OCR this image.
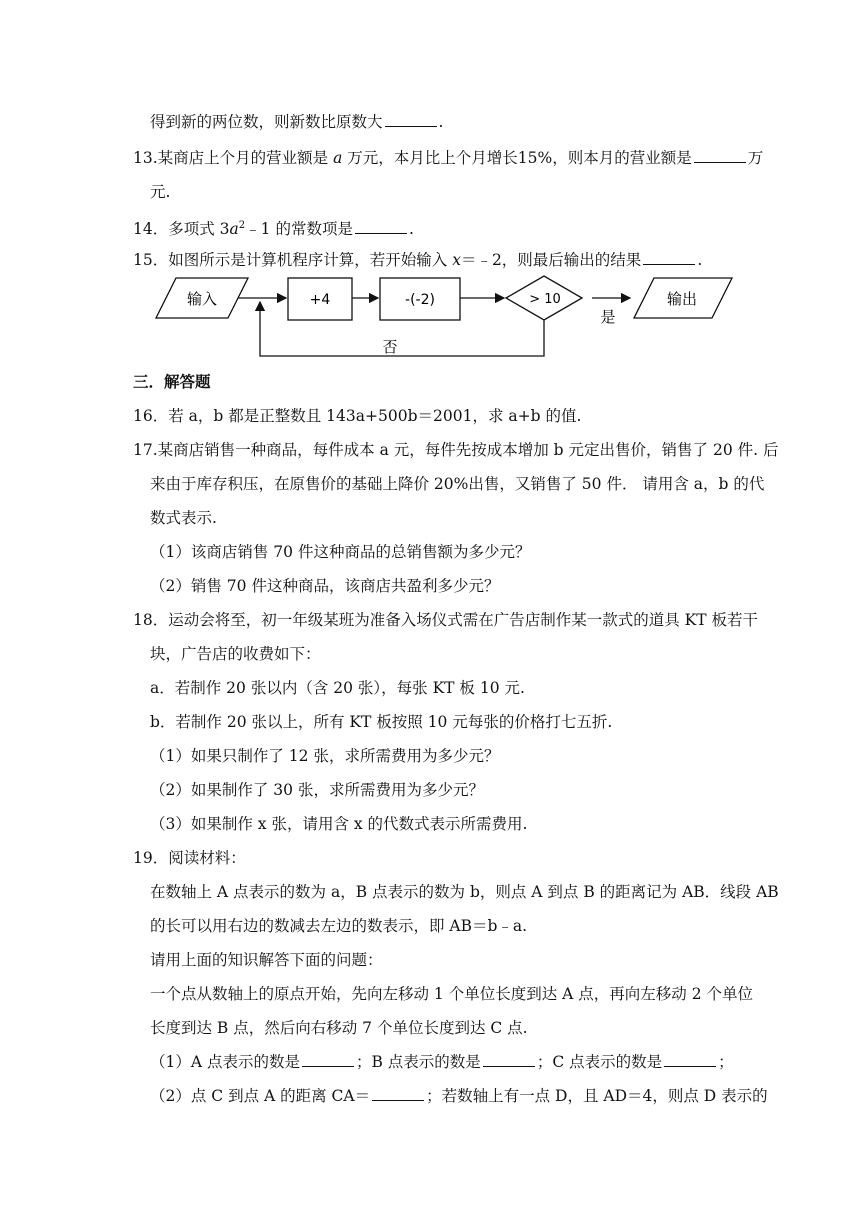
得到新的两位数，则新数比原数大	.
13.某商店上个月的营业额是 a 万元，本月比上个月增长15%，则本月的营业额是	万
元.
14．多项式 $3a^2﹣1$ 的常数项是	.
15．如图所示是计算机程序计算，若开始输入 x＝﹣2，则最后输出的结果	.
输入	+4	-(-2)	> 10
是
输出
否
三．解答题
16．若 a，b 都是正整数且 143a+500b＝2001，求 a+b 的值.
17.某商店销售一种商品，每件成本 a 元，每件先按成本增加 b 元定出售价，销售了 20 件. 后
来由于库存积压，在原售价的基础上降价 20%出售，又销售了 50 件． 请用含 a，b 的代
数式表示.
（1）该商店销售 70 件这种商品的总销售额为多少元？
（2）销售 70 件这种商品，该商店共盈利多少元？
18．运动会将至，初一年级某班为准备入场仪式需在广告店制作某一款式的道具 KT 板若干
块，广告店的收费如下：
a．若制作 20 张以内（含 20 张），每张 KT 板 10 元.
b．若制作 20 张以上，所有 KT 板按照 10 元每张的价格打七五折.
（1）如果只制作了 12 张，求所需费用为多少元？
（2）如果制作了 30 张，求所需费用为多少元？
（3）如果制作 x 张，请用含 x 的代数式表示所需费用.
19．阅读材料：
在数轴上 A 点表示的数为 a，B 点表示的数为 b，则点 A 到点 B 的距离记为 AB．线段 AB
的长可以用右边的数减去左边的数表示，即 AB＝b﹣a.
请用上面的知识解答下面的问题：
一个点从数轴上的原点开始，先向左移动 1 个单位长度到达 A 点，再向左移动 2 个单位
长度到达 B 点，然后向右移动 7 个单位长度到达 C 点.
（1）A 点表示的数是	；B 点表示的数是	；C 点表示的数是	；
（2）点 C 到点 A 的距离 CA＝	；若数轴上有一点 D，且 AD＝4，则点 D 表示的
